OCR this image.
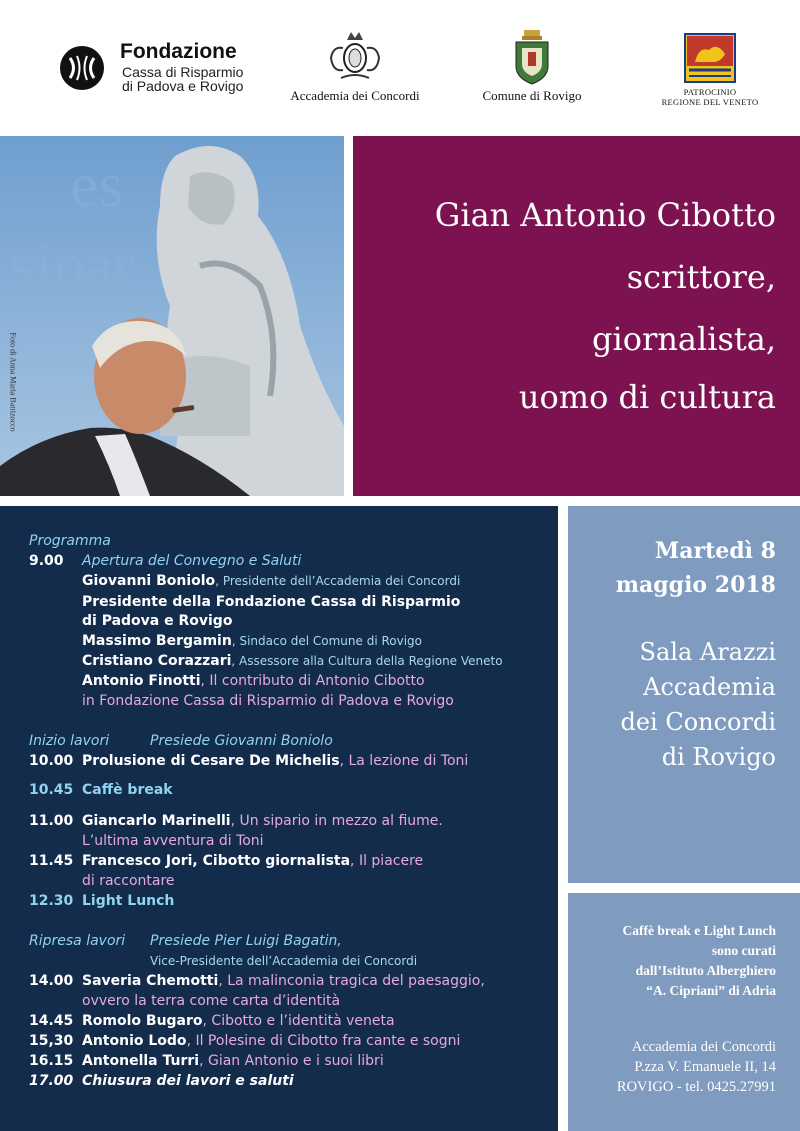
Fondazione
Cassa di Risparmio
di Padova e Rovigo
Accademia dei Concordi	Comune di Rovigo	PATROCINIO
REGIONE DEL VENETO
es
sipar
Foto di Anna Maria Battizocco
Gian Antonio Cibotto
scrittore,
giornalista,
uomo di cultura
Programma
9.00 Apertura del Convegno e Saluti
Giovanni Boniolo, Presidente dell’Accademia dei Concordi
Presidente della Fondazione Cassa di Risparmio
di Padova e Rovigo
Massimo Bergamin, Sindaco del Comune di Rovigo
Cristiano Corazzari, Assessore alla Cultura della Regione Veneto
Antonio Finotti, Il contributo di Antonio Cibotto
in Fondazione Cassa di Risparmio di Padova e Rovigo
Inizio lavori	Presiede Giovanni Boniolo
10.00 Prolusione di Cesare De Michelis, La lezione di Toni
10.45 Caffè break
11.00 Giancarlo Marinelli, Un sipario in mezzo al fiume.
L’ultima avventura di Toni
11.45 Francesco Jori, Cibotto giornalista, Il piacere
di raccontare
12.30 Light Lunch
Ripresa lavori Presiede Pier Luigi Bagatin,
Vice-Presidente dell’Accademia dei Concordi
14.00 Saveria Chemotti, La malinconia tragica del paesaggio,
ovvero la terra come carta d’identità
14.45 Romolo Bugaro, Cibotto e l’identità veneta
15,30 Antonio Lodo, Il Polesine di Cibotto fra cante e sogni
16.15 Antonella Turri, Gian Antonio e i suoi libri
17.00 Chiusura dei lavori e saluti
Martedì 8
maggio 2018
Sala Arazzi
Accademia
dei Concordi
di Rovigo
Caffè break e Light Lunch
sono curati
dall’Istituto Alberghiero
“A. Cipriani” di Adria
Accademia dei Concordi
P.zza V. Emanuele II, 14
ROVIGO - tel. 0425.27991
